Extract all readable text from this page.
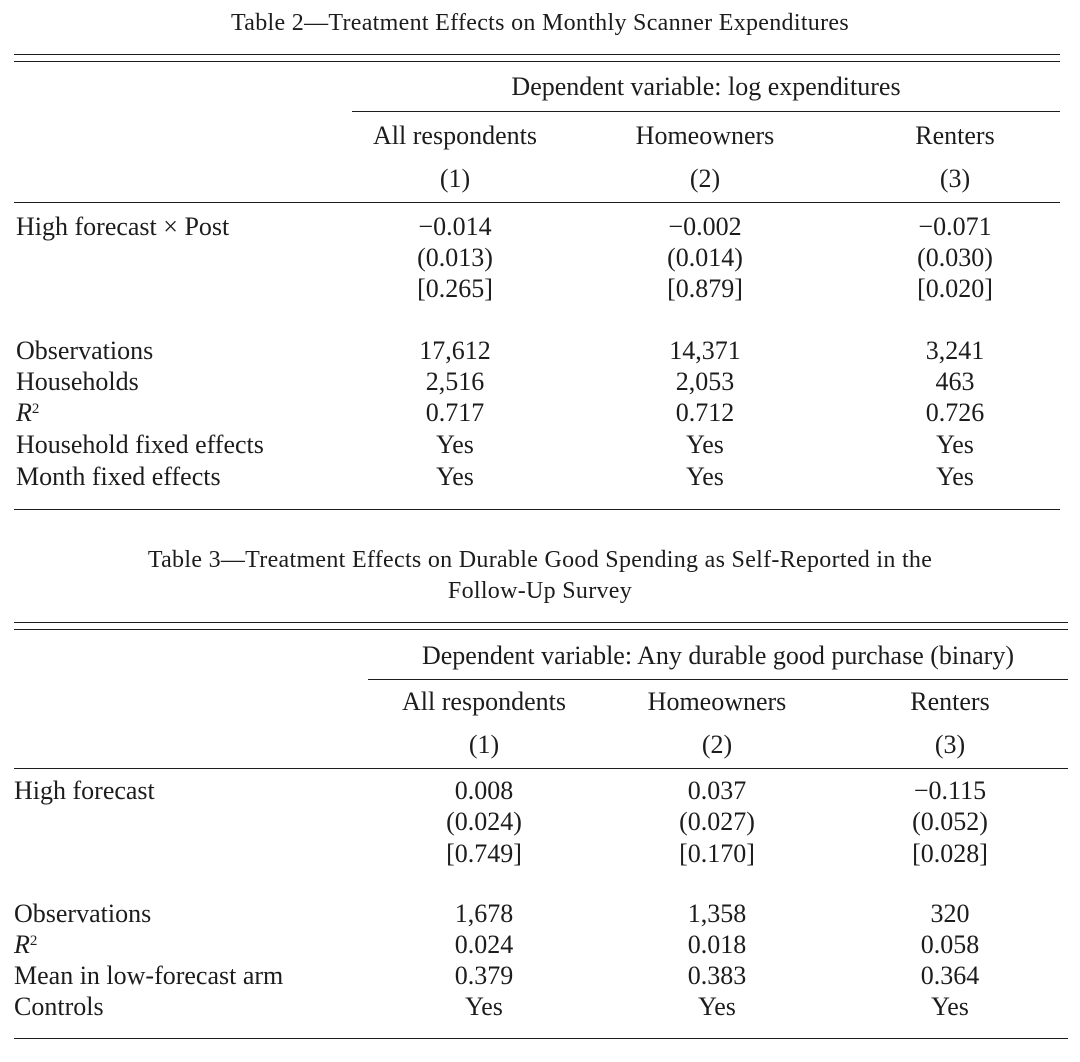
Table 2—Treatment Effects on Monthly Scanner Expenditures
Dependent variable: log expenditures
All respondents	Homeowners	Renters
(1)	(2)	(3)
High forecast × Post	−0.014	−0.002	−0.071
(0.013)	(0.014)	(0.030)
[0.265]	[0.879]	[0.020]
Observations	17,612	14,371	3,241
Households	2,516	2,053	463
$R^2$	0.717	0.712	0.726
Household fixed effects	Yes	Yes	Yes
Month fixed effects	Yes	Yes	Yes
Table 3—Treatment Effects on Durable Good Spending as Self-Reported in the
Follow-Up Survey
Dependent variable: Any durable good purchase (binary)
All respondents	Homeowners	Renters
(1)	(2)	(3)
High forecast	0.008	0.037	−0.115
(0.024)	(0.027)	(0.052)
[0.749]	[0.170]	[0.028]
Observations	1,678	1,358	320
$R^2$	0.024	0.018	0.058
Mean in low-forecast arm	0.379	0.383	0.364
Controls	Yes	Yes	Yes
